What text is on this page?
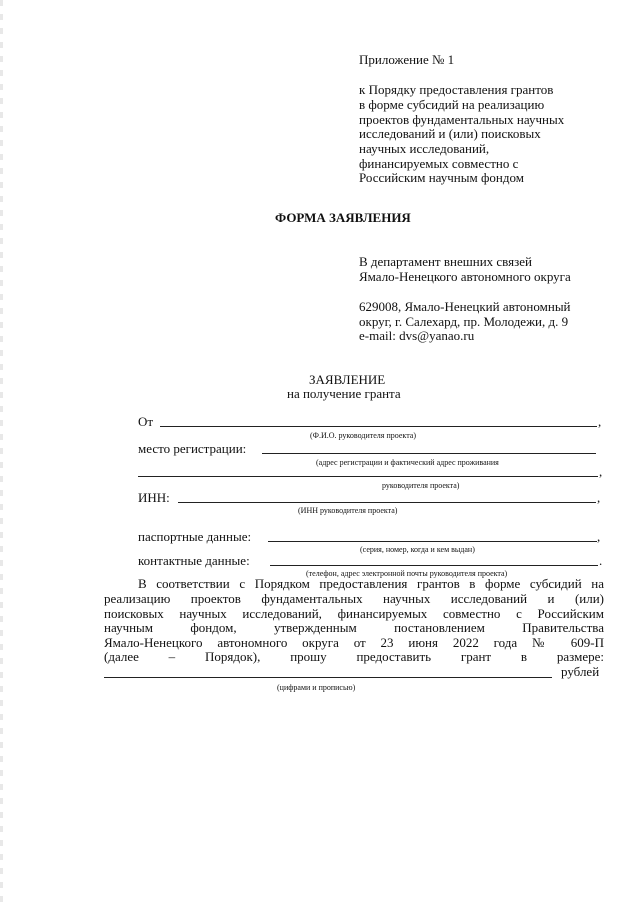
Приложение № 1
к Порядку предоставления грантов
в форме субсидий на реализацию
проектов фундаментальных научных
исследований и (или) поисковых
научных исследований,
финансируемых совместно с
Российским научным фондом
ФОРМА ЗАЯВЛЕНИЯ
В департамент внешних связей
Ямало-Ненецкого автономного округа
629008, Ямало-Ненецкий автономный
округ, г. Салехард, пр. Молодежи, д. 9
e-mail: dvs@yanao.ru
ЗАЯВЛЕНИЕ
на получение гранта
От	,
(Ф.И.О. руководителя проекта)
место регистрации:
(адрес регистрации и фактический адрес проживания
,
руководителя проекта)
ИНН:	,
(ИНН руководителя проекта)
паспортные данные:	,
(серия, номер, когда и кем выдан)
контактные данные:	.
(телефон, адрес электронной почты руководителя проекта)
В соответствии с Порядком предоставления грантов в форме субсидий на
реализацию проектов фундаментальных научных исследований и (или)
поисковых научных исследований, финансируемых совместно с Российским
научным фондом, утвержденным постановлением Правительства
Ямало-Ненецкого автономного округа от 23 июня 2022 года № 609-П
(далее – Порядок), прошу предоставить грант в размере:
рублей
(цифрами и прописью)
